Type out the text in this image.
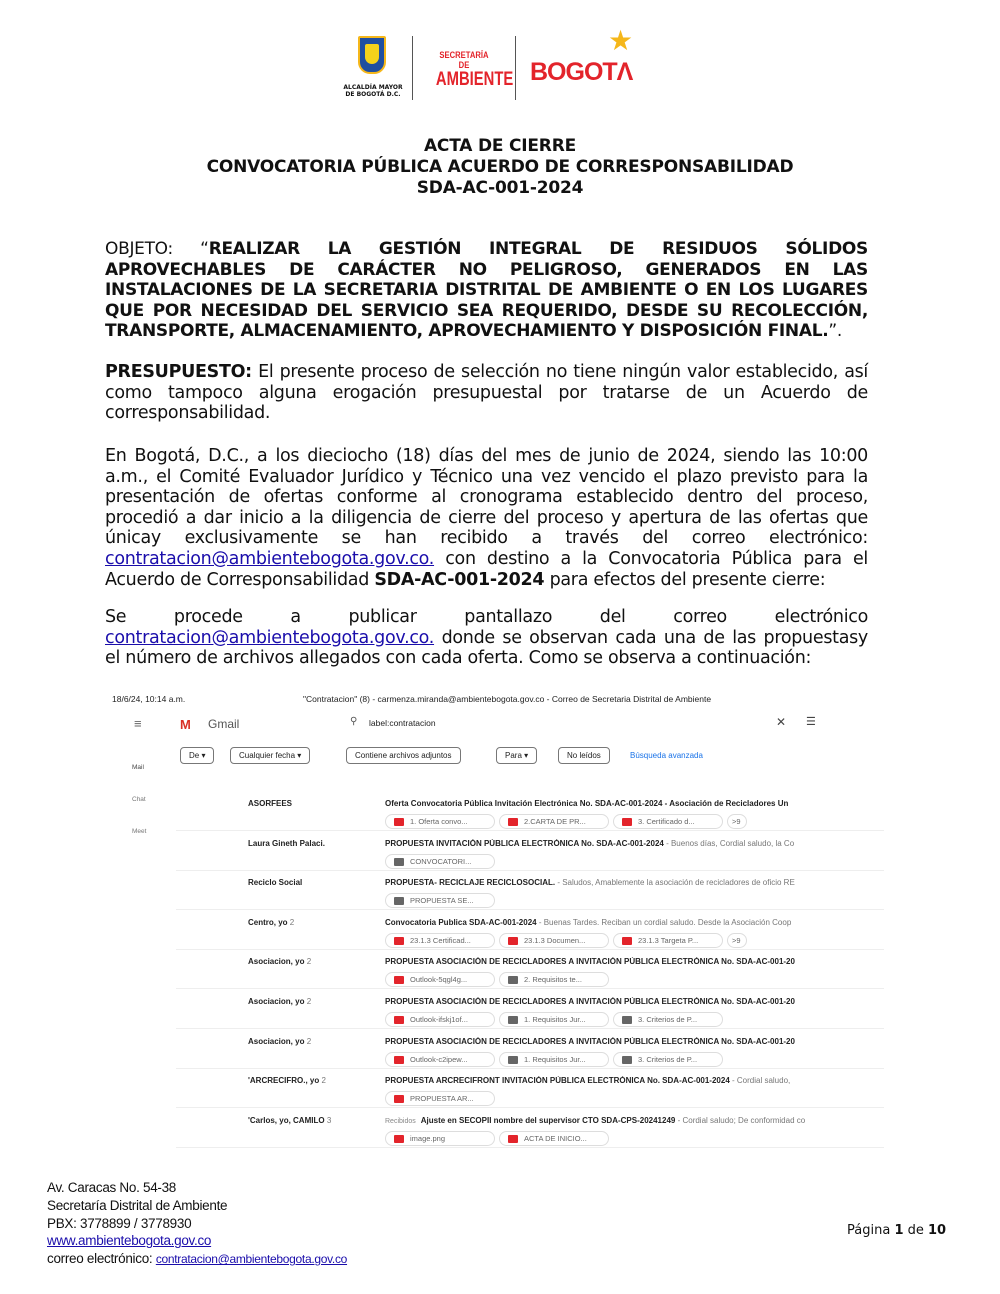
ALCALDÍA MAYOR
DE BOGOTÁ D.C.
SECRETARÍA DE
AMBIENTE BOGOTΛ
★
ACTA DE CIERRE
CONVOCATORIA PÚBLICA ACUERDO DE CORRESPONSABILIDAD
SDA-AC-001-2024
OBJETO: “REALIZAR LA GESTIÓN INTEGRAL DE RESIDUOS SÓLIDOS APROVECHABLES DE CARÁCTER NO PELIGROSO, GENERADOS EN LAS INSTALACIONES DE LA SECRETARIA DISTRITAL DE AMBIENTE O EN LOS LUGARES QUE POR NECESIDAD DEL SERVICIO SEA REQUERIDO, DESDE SU RECOLECCIÓN, TRANSPORTE, ALMACENAMIENTO, APROVECHAMIENTO Y DISPOSICIÓN FINAL.”.
PRESUPUESTO: El presente proceso de selección no tiene ningún valor establecido, así como tampoco alguna erogación presupuestal por tratarse de un Acuerdo de corresponsabilidad.
En Bogotá, D.C., a los dieciocho (18) días del mes de junio de 2024, siendo las 10:00 a.m., el Comité Evaluador Jurídico y Técnico una vez vencido el plazo previsto para la presentación de ofertas conforme al cronograma establecido dentro del proceso, procedió a dar inicio a la diligencia de cierre del proceso y apertura de las ofertas que únicay exclusivamente se han recibido a través del correo electrónico: contratacion@ambientebogota.gov.co. con destino a la Convocatoria Pública para el Acuerdo de Corresponsabilidad SDA-AC-001-2024 para efectos del presente cierre:
Se procede a publicar pantallazo del correo electrónico contratacion@ambientebogota.gov.co. donde se observan cada una de las propuestasy el número de archivos allegados con cada oferta. Como se observa a continuación:
18/6/24, 10:14 a.m.	"Contratacion" (8) - carmenza.miranda@ambientebogota.gov.co - Correo de Secretaria Distrital de Ambiente
≡	M Gmail	⚲ label:contratacion	✕ ☰
De ▾	Cualquier fecha ▾	Contiene archivos adjuntos	Para ▾	No leídos	Búsqueda avanzada
Mail
Chat
Meet
ASORFEES	Oferta Convocatoria Pública Invitación Electrónica No. SDA-AC-001-2024 - Asociación de Recicladores Un
1. Oferta convo...	2.CARTA DE PR...	3. Certificado d...	>9
Laura Gineth Palaci.	PROPUESTA INVITACIÓN PÚBLICA ELECTRÓNICA No. SDA-AC-001-2024 - Buenos días, Cordial saludo, la Co
CONVOCATORI...
Reciclo Social	PROPUESTA- RECICLAJE RECICLOSOCIAL. - Saludos, Amablemente la asociación de recicladores de oficio RE
PROPUESTA SE...
Centro, yo 2	Convocatoria Publica SDA-AC-001-2024 - Buenas Tardes. Reciban un cordial saludo. Desde la Asociación Coop
23.1.3 Certificad...	23.1.3 Documen...	23.1.3 Targeta P...	>9
Asociacion, yo 2	PROPUESTA ASOCIACIÓN DE RECICLADORES A INVITACIÓN PÚBLICA ELECTRÓNICA No. SDA-AC-001-20
Outlook-5qgl4g...	2. Requisitos te...
Asociacion, yo 2	PROPUESTA ASOCIACIÓN DE RECICLADORES A INVITACIÓN PÚBLICA ELECTRÓNICA No. SDA-AC-001-20
Outlook-ifskj1of...	1. Requisitos Jur...	3. Criterios de P...
Asociacion, yo 2	PROPUESTA ASOCIACIÓN DE RECICLADORES A INVITACIÓN PÚBLICA ELECTRÓNICA No. SDA-AC-001-20
Outlook-c2ipew...	1. Requisitos Jur...	3. Criterios de P...
'ARCRECIFRO., yo 2	PROPUESTA ARCRECIFRONT INVITACIÓN PÚBLICA ELECTRÓNICA No. SDA-AC-001-2024 - Cordial saludo,
PROPUESTA AR...
'Carlos, yo, CAMILO 3	Recibidos Ajuste en SECOPII nombre del supervisor CTO SDA-CPS-20241249 - Cordial saludo; De conformidad co
image.png	ACTA DE INICIO...
Av. Caracas No. 54-38
Secretaría Distrital de Ambiente
PBX: 3778899 / 3778930
www.ambientebogota.gov.co
correo electrónico: contratacion@ambientebogota.gov.co
Página 1 de 10
